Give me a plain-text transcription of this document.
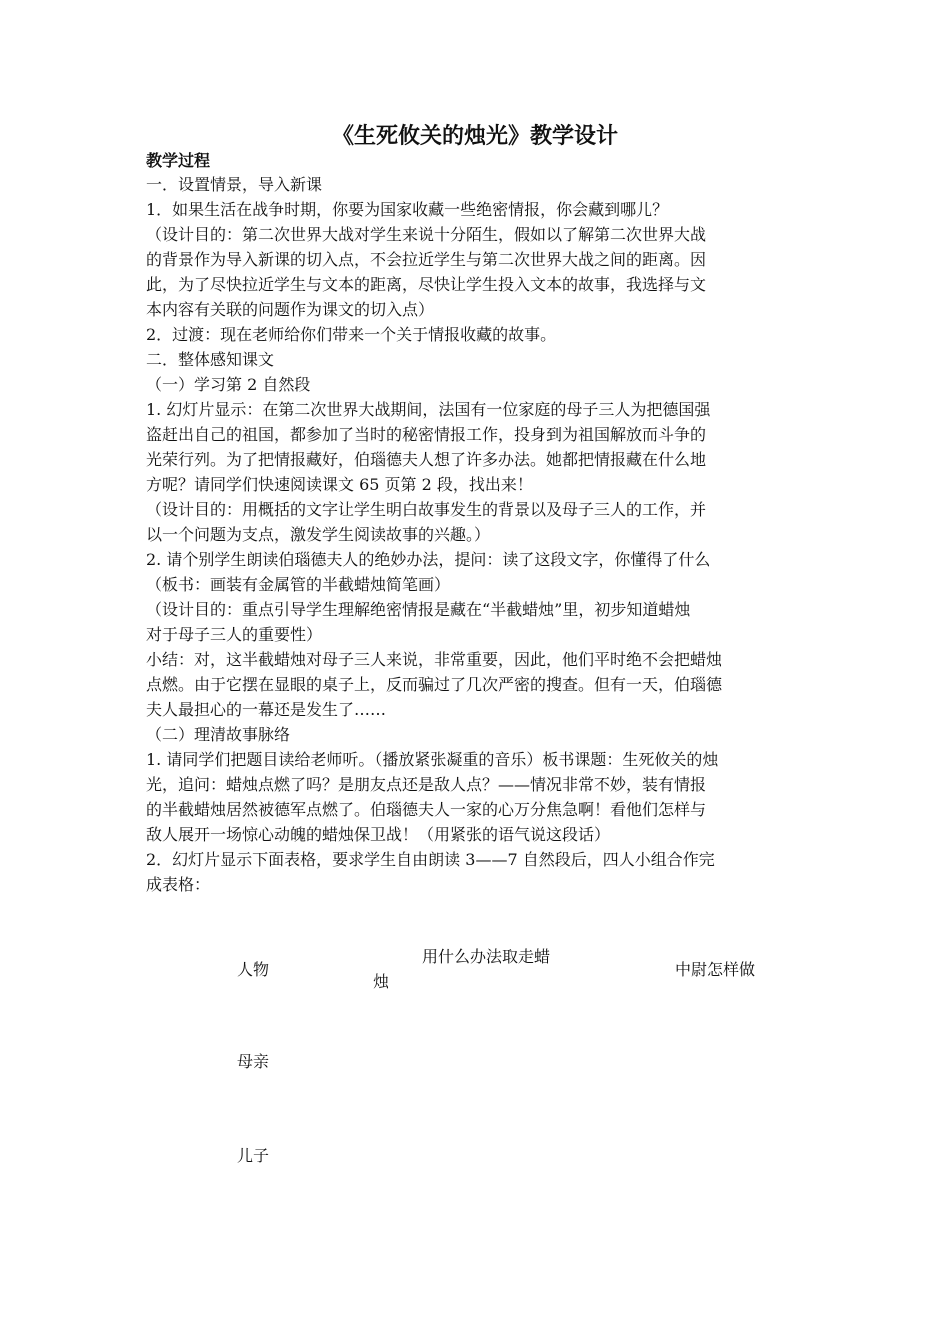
《生死攸关的烛光》教学设计
教学过程
一．设置情景，导入新课
1．如果生活在战争时期，你要为国家收藏一些绝密情报，你会藏到哪儿？
（设计目的：第二次世界大战对学生来说十分陌生，假如以了解第二次世界大战
的背景作为导入新课的切入点，不会拉近学生与第二次世界大战之间的距离。因
此，为了尽快拉近学生与文本的距离，尽快让学生投入文本的故事，我选择与文
本内容有关联的问题作为课文的切入点）
2．过渡：现在老师给你们带来一个关于情报收藏的故事。
二．整体感知课文
（一）学习第 2 自然段
1. 幻灯片显示：在第二次世界大战期间，法国有一位家庭的母子三人为把德国强
盗赶出自己的祖国，都参加了当时的秘密情报工作，投身到为祖国解放而斗争的
光荣行列。为了把情报藏好，伯瑙德夫人想了许多办法。她都把情报藏在什么地
方呢？请同学们快速阅读课文 65 页第 2 段，找出来！
（设计目的：用概括的文字让学生明白故事发生的背景以及母子三人的工作，并
以一个问题为支点，激发学生阅读故事的兴趣。）
2. 请个别学生朗读伯瑙德夫人的绝妙办法，提问：读了这段文字，你懂得了什么
（板书：画装有金属管的半截蜡烛简笔画）
（设计目的：重点引导学生理解绝密情报是藏在“半截蜡烛”里，初步知道蜡烛
对于母子三人的重要性）
小结：对，这半截蜡烛对母子三人来说，非常重要，因此，他们平时绝不会把蜡烛
点燃。由于它摆在显眼的桌子上，反而骗过了几次严密的搜查。但有一天，伯瑙德
夫人最担心的一幕还是发生了……
（二）理清故事脉络
1. 请同学们把题目读给老师听。（播放紧张凝重的音乐）板书课题：生死攸关的烛
光，追问：蜡烛点燃了吗？是朋友点还是敌人点？——情况非常不妙，装有情报
的半截蜡烛居然被德军点燃了。伯瑙德夫人一家的心万分焦急啊！看他们怎样与
敌人展开一场惊心动魄的蜡烛保卫战！（用紧张的语气说这段话）
2．幻灯片显示下面表格，要求学生自由朗读 3——7 自然段后，四人小组合作完
成表格：
人物
用什么办法取走蜡
烛
中尉怎样做
母亲
儿子
